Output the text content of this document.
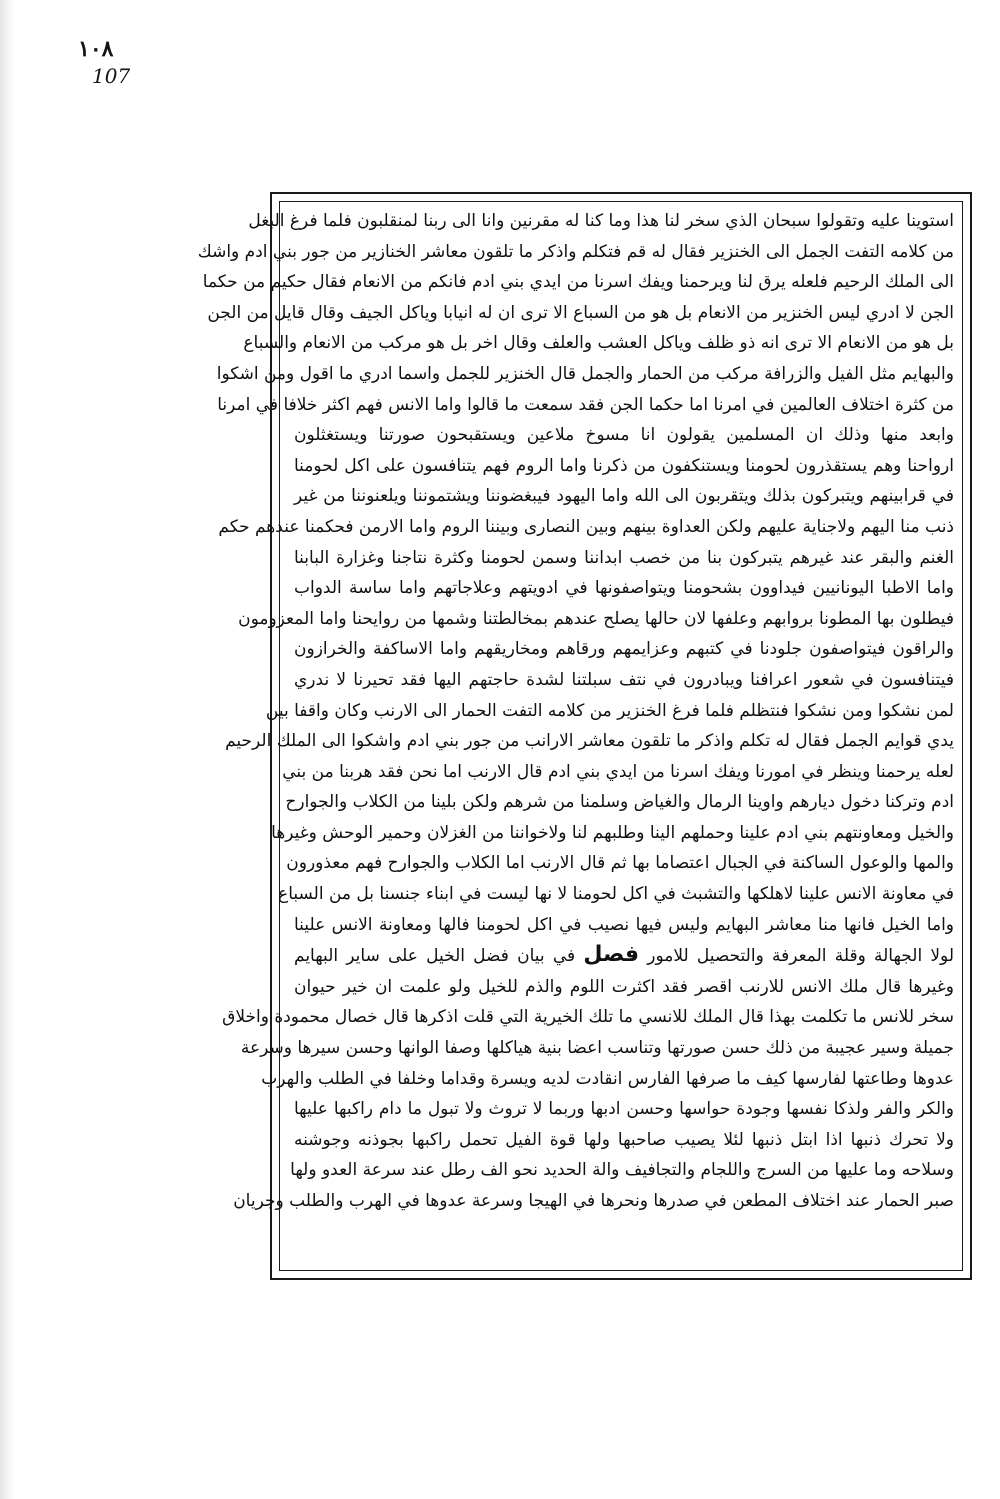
١٠٨
107
استوينا عليه وتقولوا سبحان الذي سخر لنا هذا وما كنا له مقرنين وانا الى ربنا لمنقلبون فلما فرغ البغل
من كلامه التفت الجمل الى الخنزير فقال له قم فتكلم واذكر ما تلقون معاشر الخنازير من جور بني ادم واشك
الى الملك الرحيم فلعله يرق لنا ويرحمنا ويفك اسرنا من ايدي بني ادم فانكم من الانعام فقال حكيم من حكما
الجن لا ادري ليس الخنزير من الانعام بل هو من السباع الا ترى ان له انيابا وياكل الجيف وقال قايل من الجن
بل هو من الانعام الا ترى انه ذو ظلف وياكل العشب والعلف وقال اخر بل هو مركب من الانعام والسباع
والبهايم مثل الفيل والزرافة مركب من الحمار والجمل قال الخنزير للجمل واسما ادري ما اقول ومن اشكوا
من كثرة اختلاف العالمين في امرنا اما حكما الجن فقد سمعت ما قالوا واما الانس فهم اكثر خلافا في امرنا
وابعد منها وذلك ان المسلمين يقولون انا مسوخ ملاعين ويستقبحون صورتنا ويستغثلون
ارواحنا وهم يستقذرون لحومنا ويستنكفون من ذكرنا واما الروم فهم يتنافسون على اكل لحومنا
في قرابينهم ويتبركون بذلك ويتقربون الى الله واما اليهود فيبغضوننا ويشتموننا ويلعنوننا من غير
ذنب منا اليهم ولاجناية عليهم ولكن العداوة بينهم وبين النصارى وبيننا الروم واما الارمن فحكمنا عندهم حكم
الغنم والبقر عند غيرهم يتبركون بنا من خصب ابداننا وسمن لحومنا وكثرة نتاجنا وغزارة البابنا
واما الاطبا اليونانيين فيداوون بشحومنا ويتواصفونها في ادويتهم وعلاجاتهم واما ساسة الدواب
فيطلون بها المطونا بروابهم وعلفها لان حالها يصلح عندهم بمخالطتنا وشمها من روايحنا واما المعزومون
والراقون فيتواصفون جلودنا في كتبهم وعزايمهم ورقاهم ومخاريقهم واما الاساكفة والخرازون
فيتنافسون في شعور اعرافنا ويبادرون في نتف سبلتنا لشدة حاجتهم اليها فقد تحيرنا لا ندري
لمن نشكوا ومن نشكوا فنتظلم فلما فرغ الخنزير من كلامه التفت الحمار الى الارنب وكان واقفا بين
يدي قوايم الجمل فقال له تكلم واذكر ما تلقون معاشر الارانب من جور بني ادم واشكوا الى الملك الرحيم
لعله يرحمنا وينظر في امورنا ويفك اسرنا من ايدي بني ادم قال الارنب اما نحن فقد هربنا من بني
ادم وتركنا دخول ديارهم واوينا الرمال والغياض وسلمنا من شرهم ولكن بلينا من الكلاب والجوارح
والخيل ومعاونتهم بني ادم علينا وحملهم الينا وطلبهم لنا ولاخواننا من الغزلان وحمير الوحش وغيرها
والمها والوعول الساكنة في الجبال اعتصاما بها ثم قال الارنب اما الكلاب والجوارح فهم معذورون
في معاونة الانس علينا لاهلكها والتشبث في اكل لحومنا لا نها ليست في ابناء جنسنا بل من السباع
واما الخيل فانها منا معاشر البهايم وليس فيها نصيب في اكل لحومنا فالها ومعاونة الانس علينا
لولا الجهالة وقلة المعرفة والتحصيل للامور فصل في بيان فضل الخيل على ساير البهايم
وغيرها قال ملك الانس للارنب اقصر فقد اكثرت اللوم والذم للخيل ولو علمت ان خير حيوان
سخر للانس ما تكلمت بهذا قال الملك للانسي ما تلك الخيرية التي قلت اذكرها قال خصال محمودة واخلاق
جميلة وسير عجيبة من ذلك حسن صورتها وتناسب اعضا بنية هياكلها وصفا الوانها وحسن سيرها وسرعة
عدوها وطاعتها لفارسها كيف ما صرفها الفارس انقادت لديه ويسرة وقداما وخلفا في الطلب والهرب
والكر والفر ولذكا نفسها وجودة حواسها وحسن ادبها وربما لا تروث ولا تبول ما دام راكبها عليها
ولا تحرك ذنبها اذا ابتل ذنبها لئلا يصيب صاحبها ولها قوة الفيل تحمل راكبها بجوذنه وجوشنه
وسلاحه وما عليها من السرج واللجام والتجافيف والة الحديد نحو الف رطل عند سرعة العدو ولها
صبر الحمار عند اختلاف المطعن في صدرها ونحرها في الهيجا وسرعة عدوها في الهرب والطلب وجريان
